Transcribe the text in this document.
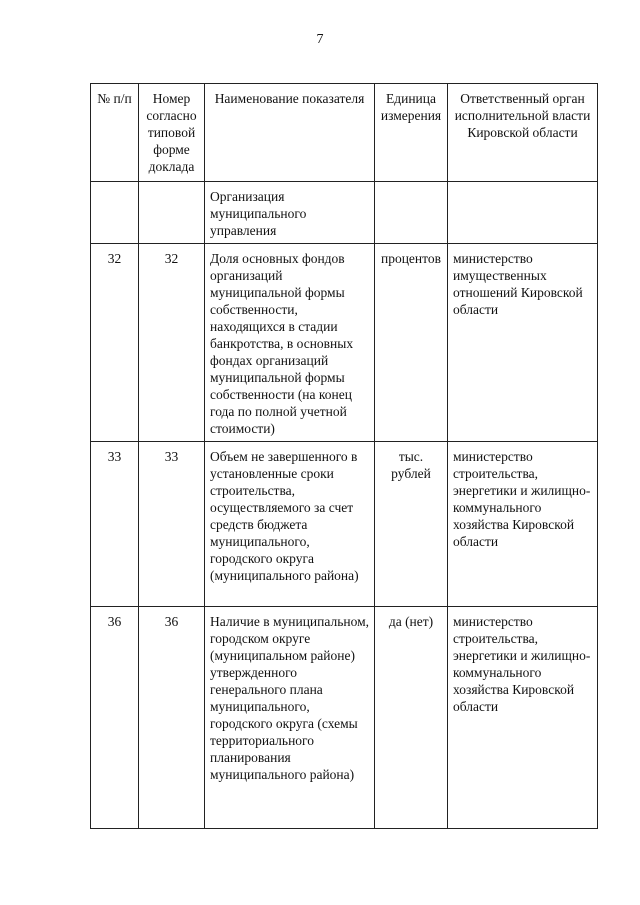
7
№ п/п	Номер согласно типовой форме доклада	Наименование показателя	Единица измерения	Ответственный орган исполнительной власти Кировской области
		Организация муниципального управления		
32	32	Доля основных фондов организаций муниципальной формы собственности, находящихся в стадии банкротства, в основных фондах организаций муниципальной формы собственности (на конец года по полной учетной стоимости)	процентов	министерство имущественных отношений Кировской области
33	33	Объем не завершенного в установленные сроки строительства, осуществляемого за счет средств бюджета муниципального, городского округа (муниципального района)	тыс. рублей	министерство строительства, энергетики и жилищно-коммунального хозяйства Кировской области
36	36	Наличие в муниципальном, городском округе (муниципальном районе) утвержденного генерального плана муниципального, городского округа (схемы территориального планирования муниципального района)	да (нет)	министерство строительства, энергетики и жилищно-коммунального хозяйства Кировской области
